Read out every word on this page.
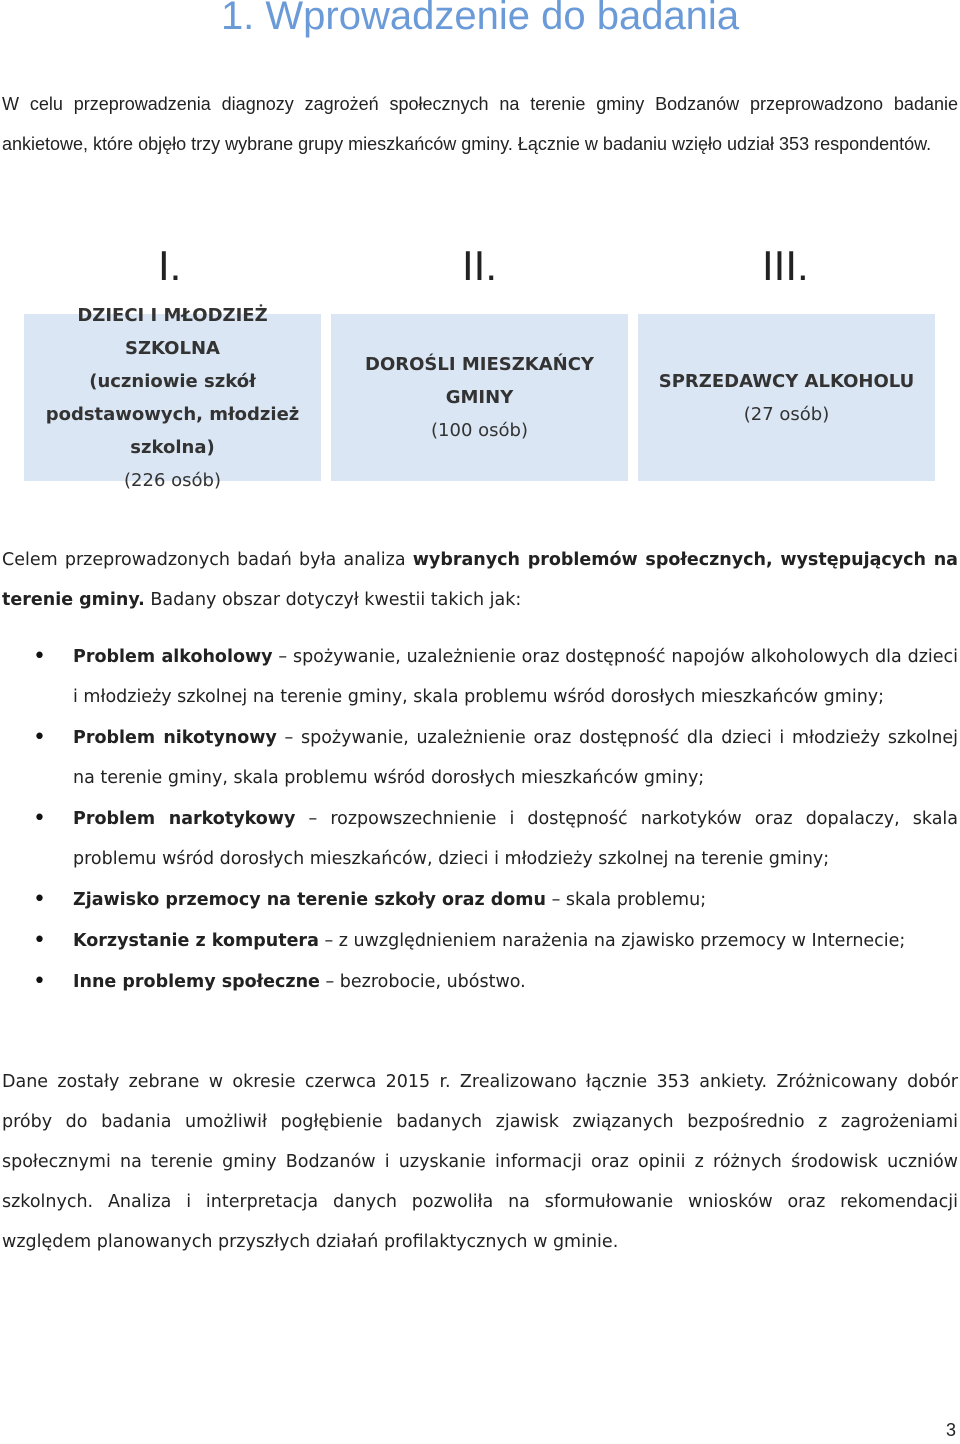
1. Wprowadzenie do badania

W celu przeprowadzenia diagnozy zagrożeń społecznych na terenie gminy Bodzanów przeprowadzono badanie ankietowe, które objęło trzy wybrane grupy mieszkańców gminy. Łącznie w badaniu wzięło udział 353 respondentów.

I.	II.	III.
DZIECI I MŁODZIEŻ SZKOLNA
(uczniowie szkół
podstawowych, młodzież
szkolna)
(226 osób)
DOROŚLI MIESZKAŃCY
GMINY
(100 osób)
SPRZEDAWCY ALKOHOLU
(27 osób)

Celem przeprowadzonych badań była analiza wybranych problemów społecznych, występujących na terenie gminy. Badany obszar dotyczył kwestii takich jak:

• Problem alkoholowy – spożywanie, uzależnienie oraz dostępność napojów alkoholowych dla dzieci i młodzieży szkolnej na terenie gminy, skala problemu wśród dorosłych mieszkańców gminy;
• Problem nikotynowy – spożywanie, uzależnienie oraz dostępność dla dzieci i młodzieży szkolnej na terenie gminy, skala problemu wśród dorosłych mieszkańców gminy;
• Problem narkotykowy – rozpowszechnienie i dostępność narkotyków oraz dopalaczy, skala problemu wśród dorosłych mieszkańców, dzieci i młodzieży szkolnej na terenie gminy;
• Zjawisko przemocy na terenie szkoły oraz domu – skala problemu;
• Korzystanie z komputera – z uwzględnieniem narażenia na zjawisko przemocy w Internecie;
• Inne problemy społeczne – bezrobocie, ubóstwo.

Dane zostały zebrane w okresie czerwca 2015 r. Zrealizowano łącznie 353 ankiety. Zróżnicowany dobór próby do badania umożliwił pogłębienie badanych zjawisk związanych bezpośrednio z zagrożeniami społecznymi na terenie gminy Bodzanów i uzyskanie informacji oraz opinii z różnych środowisk uczniów szkolnych. Analiza i interpretacja danych pozwoliła na sformułowanie wniosków oraz rekomendacji względem planowanych przyszłych działań profilaktycznych w gminie.

3
